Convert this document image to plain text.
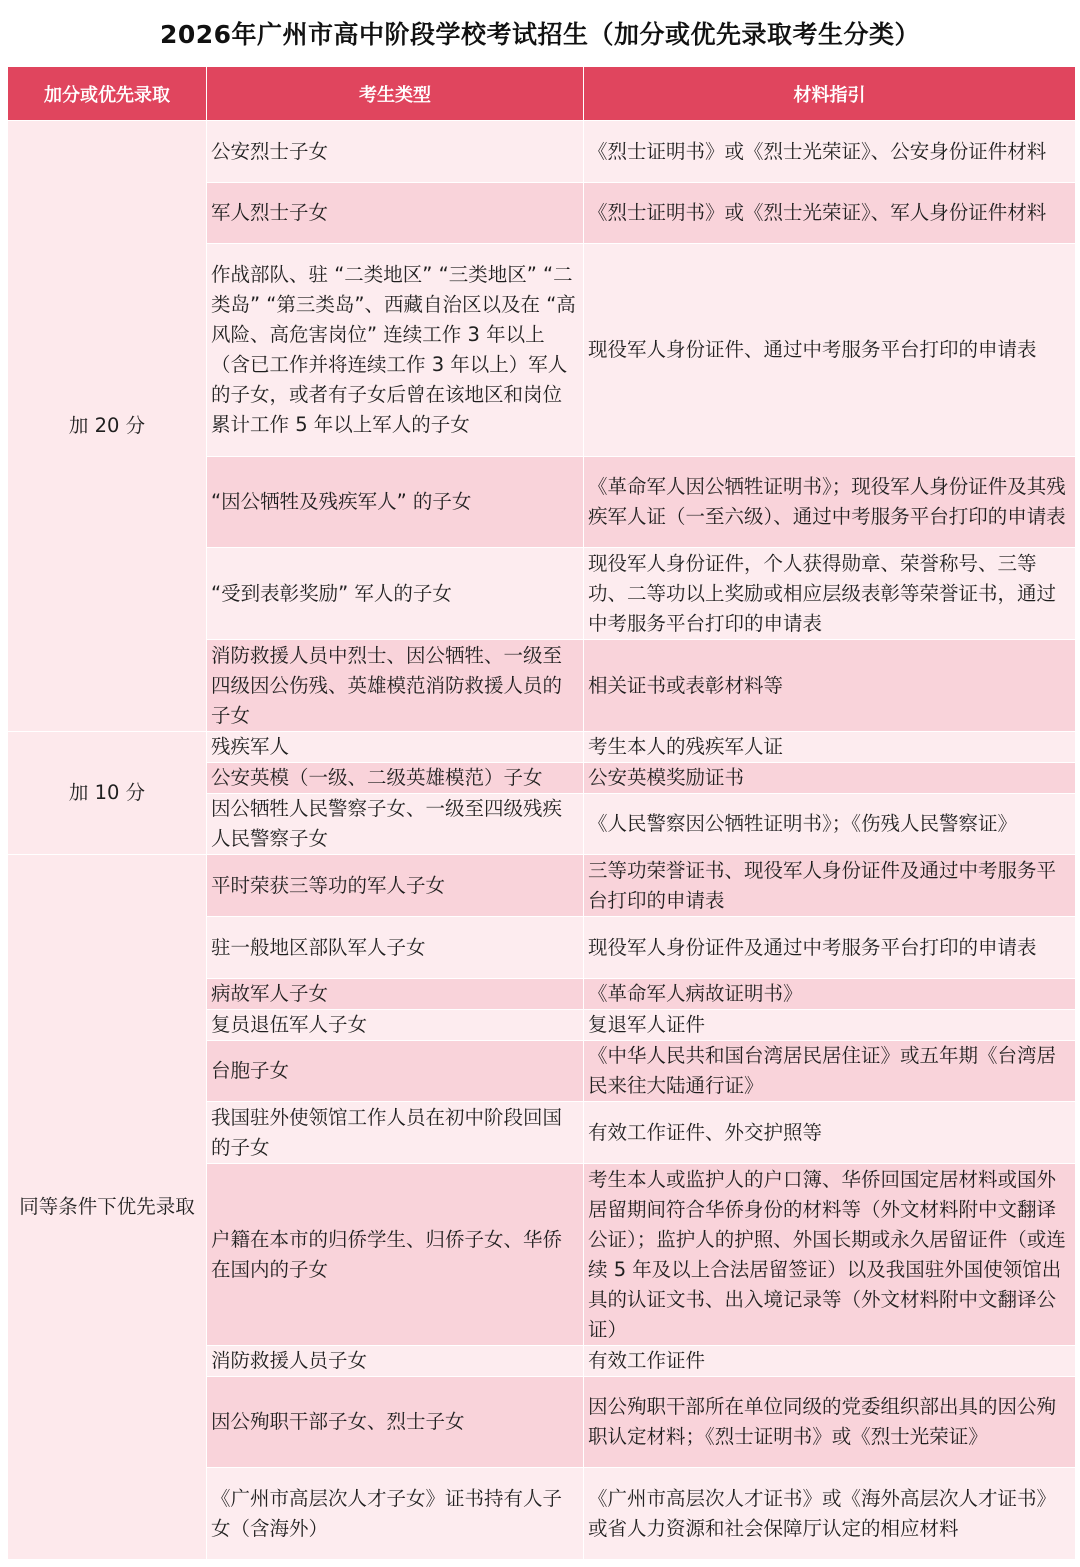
2026年广州市高中阶段学校考试招生（加分或优先录取考生分类）
加分或优先录取	考生类型	材料指引
加 20 分	公安烈士子女	《烈士证明书》或《烈士光荣证》、公安身份证件材料
	军人烈士子女	《烈士证明书》或《烈士光荣证》、军人身份证件材料
	作战部队、驻 “二类地区” “三类地区” “二类岛” “第三类岛”、西藏自治区以及在 “高风险、高危害岗位” 连续工作 3 年以上（含已工作并将连续工作 3 年以上）军人的子女，或者有子女后曾在该地区和岗位累计工作 5 年以上军人的子女	现役军人身份证件、通过中考服务平台打印的申请表
	“因公牺牲及残疾军人” 的子女	《革命军人因公牺牲证明书》；现役军人身份证件及其残疾军人证（一至六级）、通过中考服务平台打印的申请表
	“受到表彰奖励” 军人的子女	现役军人身份证件，个人获得勋章、荣誉称号、三等功、二等功以上奖励或相应层级表彰等荣誉证书，通过中考服务平台打印的申请表
	消防救援人员中烈士、因公牺牲、一级至四级因公伤残、英雄模范消防救援人员的子女	相关证书或表彰材料等
加 10 分	残疾军人	考生本人的残疾军人证
	公安英模（一级、二级英雄模范）子女	公安英模奖励证书
	因公牺牲人民警察子女、一级至四级残疾人民警察子女	《人民警察因公牺牲证明书》；《伤残人民警察证》
同等条件下优先录取	平时荣获三等功的军人子女	三等功荣誉证书、现役军人身份证件及通过中考服务平台打印的申请表
	驻一般地区部队军人子女	现役军人身份证件及通过中考服务平台打印的申请表
	病故军人子女	《革命军人病故证明书》
	复员退伍军人子女	复退军人证件
	台胞子女	《中华人民共和国台湾居民居住证》或五年期《台湾居民来往大陆通行证》
	我国驻外使领馆工作人员在初中阶段回国的子女	有效工作证件、外交护照等
	户籍在本市的归侨学生、归侨子女、华侨在国内的子女	考生本人或监护人的户口簿、华侨回国定居材料或国外居留期间符合华侨身份的材料等（外文材料附中文翻译公证）；监护人的护照、外国长期或永久居留证件（或连续 5 年及以上合法居留签证）以及我国驻外国使领馆出具的认证文书、出入境记录等（外文材料附中文翻译公证）
	消防救援人员子女	有效工作证件
	因公殉职干部子女、烈士子女	因公殉职干部所在单位同级的党委组织部出具的因公殉职认定材料；《烈士证明书》或《烈士光荣证》
	《广州市高层次人才子女》证书持有人子女（含海外）	《广州市高层次人才证书》或《海外高层次人才证书》或省人力资源和社会保障厅认定的相应材料
